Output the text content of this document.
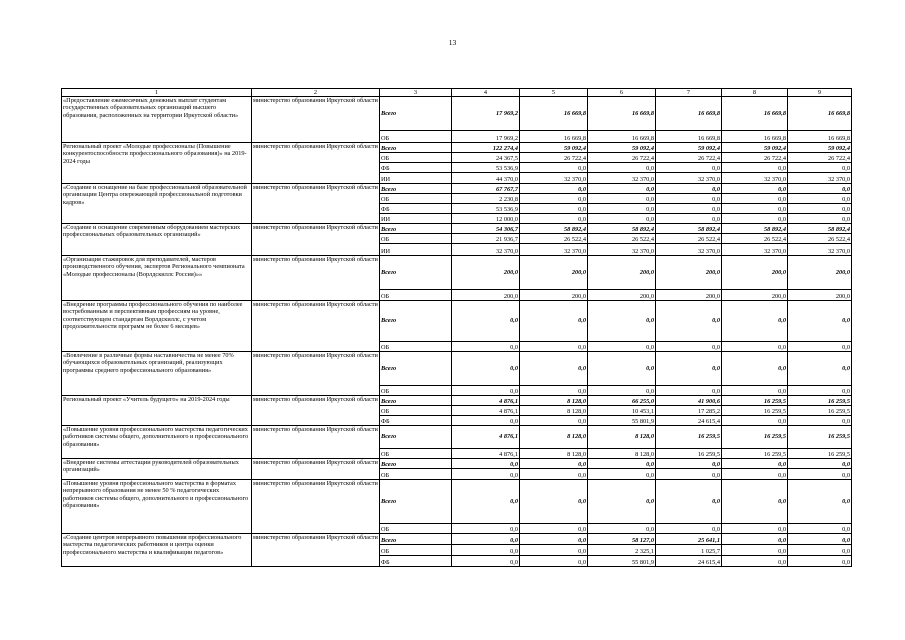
13
1	2	3	4	5	6	7	8	9
«Предоставление ежемесячных денежных выплат студентам государственных образовательных организаций высшего образования, расположенных на территории Иркутской области»	министерство образования Иркутской области	Всего	17 969,2	16 669,8	16 669,8	16 669,8	16 669,8	16 669,8
		ОБ	17 969,2	16 669,8	16 669,8	16 669,8	16 669,8	16 669,8
Региональный проект «Молодые профессионалы (Повышение конкурентоспособности профессионального образования)» на 2019-2024 годы	министерство образования Иркутской области	Всего	122 274,4	59 092,4	59 092,4	59 092,4	59 092,4	59 092,4
		ОБ	24 367,5	26 722,4	26 722,4	26 722,4	26 722,4	26 722,4
		ФБ	53 536,9	0,0	0,0	0,0	0,0	0,0
		ИИ	44 370,0	32 370,0	32 370,0	32 370,0	32 370,0	32 370,0
«Создание и оснащение на базе профессиональной образовательной организации Центра опережающей профессиональной подготовки кадров»	министерство образования Иркутской области	Всего	67 767,7	0,0	0,0	0,0	0,0	0,0
		ОБ	2 230,8	0,0	0,0	0,0	0,0	0,0
		ФБ	53 536,9	0,0	0,0	0,0	0,0	0,0
		ИИ	12 000,0	0,0	0,0	0,0	0,0	0,0
«Создание и оснащение современным оборудованием мастерских профессиональных образовательных организаций»	министерство образования Иркутской области	Всего	54 306,7	58 892,4	58 892,4	58 892,4	58 892,4	58 892,4
		ОБ	21 936,7	26 522,4	26 522,4	26 522,4	26 522,4	26 522,4
		ИИ	32 370,0	32 370,0	32 370,0	32 370,0	32 370,0	32 370,0
«Организация стажировок для преподавателей, мастеров производственного обучения, экспертов Регионального чемпионата «Молодые профессионалы (Ворлдскиллс Россия)»»	министерство образования Иркутской области	Всего	200,0	200,0	200,0	200,0	200,0	200,0
		ОБ	200,0	200,0	200,0	200,0	200,0	200,0
«Внедрение программы профессионального обучения по наиболее востребованным и перспективным профессиям на уровне, соответствующем стандартам Ворлдскиллс, с учетом продолжительности программ не более 6 месяцев»	министерство образования Иркутской области	Всего	0,0	0,0	0,0	0,0	0,0	0,0
		ОБ	0,0	0,0	0,0	0,0	0,0	0,0
«Вовлечение в различные формы наставничества не менее 70% обучающихся образовательных организаций, реализующих программы среднего профессионального образования»	министерство образования Иркутской области	Всего	0,0	0,0	0,0	0,0	0,0	0,0
		ОБ	0,0	0,0	0,0	0,0	0,0	0,0
Региональный проект «Учитель будущего» на 2019-2024 годы	министерство образования Иркутской области	Всего	4 876,1	8 128,0	66 255,0	41 900,6	16 259,5	16 259,5
		ОБ	4 876,1	8 128,0	10 453,1	17 285,2	16 259,5	16 259,5
		ФБ	0,0	0,0	55 801,9	24 615,4	0,0	0,0
«Повышение уровня профессионального мастерства педагогических работников системы общего, дополнительного и профессионального образования»	министерство образования Иркутской области	Всего	4 876,1	8 128,0	8 128,0	16 259,5	16 259,5	16 259,5
		ОБ	4 876,1	8 128,0	8 128,0	16 259,5	16 259,5	16 259,5
«Внедрение системы аттестации руководителей образовательных организаций»	министерство образования Иркутской области	Всего	0,0	0,0	0,0	0,0	0,0	0,0
		ОБ	0,0	0,0	0,0	0,0	0,0	0,0
«Повышение уровня профессионального мастерства в форматах непрерывного образования не менее 50 % педагогических работников системы общего, дополнительного и профессионального образования»	министерство образования Иркутской области	Всего	0,0	0,0	0,0	0,0	0,0	0,0
		ОБ	0,0	0,0	0,0	0,0	0,0	0,0
«Создание центров непрерывного повышения профессионального мастерства педагогических работников и центра оценки профессионального мастерства и квалификации педагогов»	министерство образования Иркутской области	Всего	0,0	0,0	58 127,0	25 641,1	0,0	0,0
		ОБ	0,0	0,0	2 325,1	1 025,7	0,0	0,0
		ФБ	0,0	0,0	55 801,9	24 615,4	0,0	0,0
